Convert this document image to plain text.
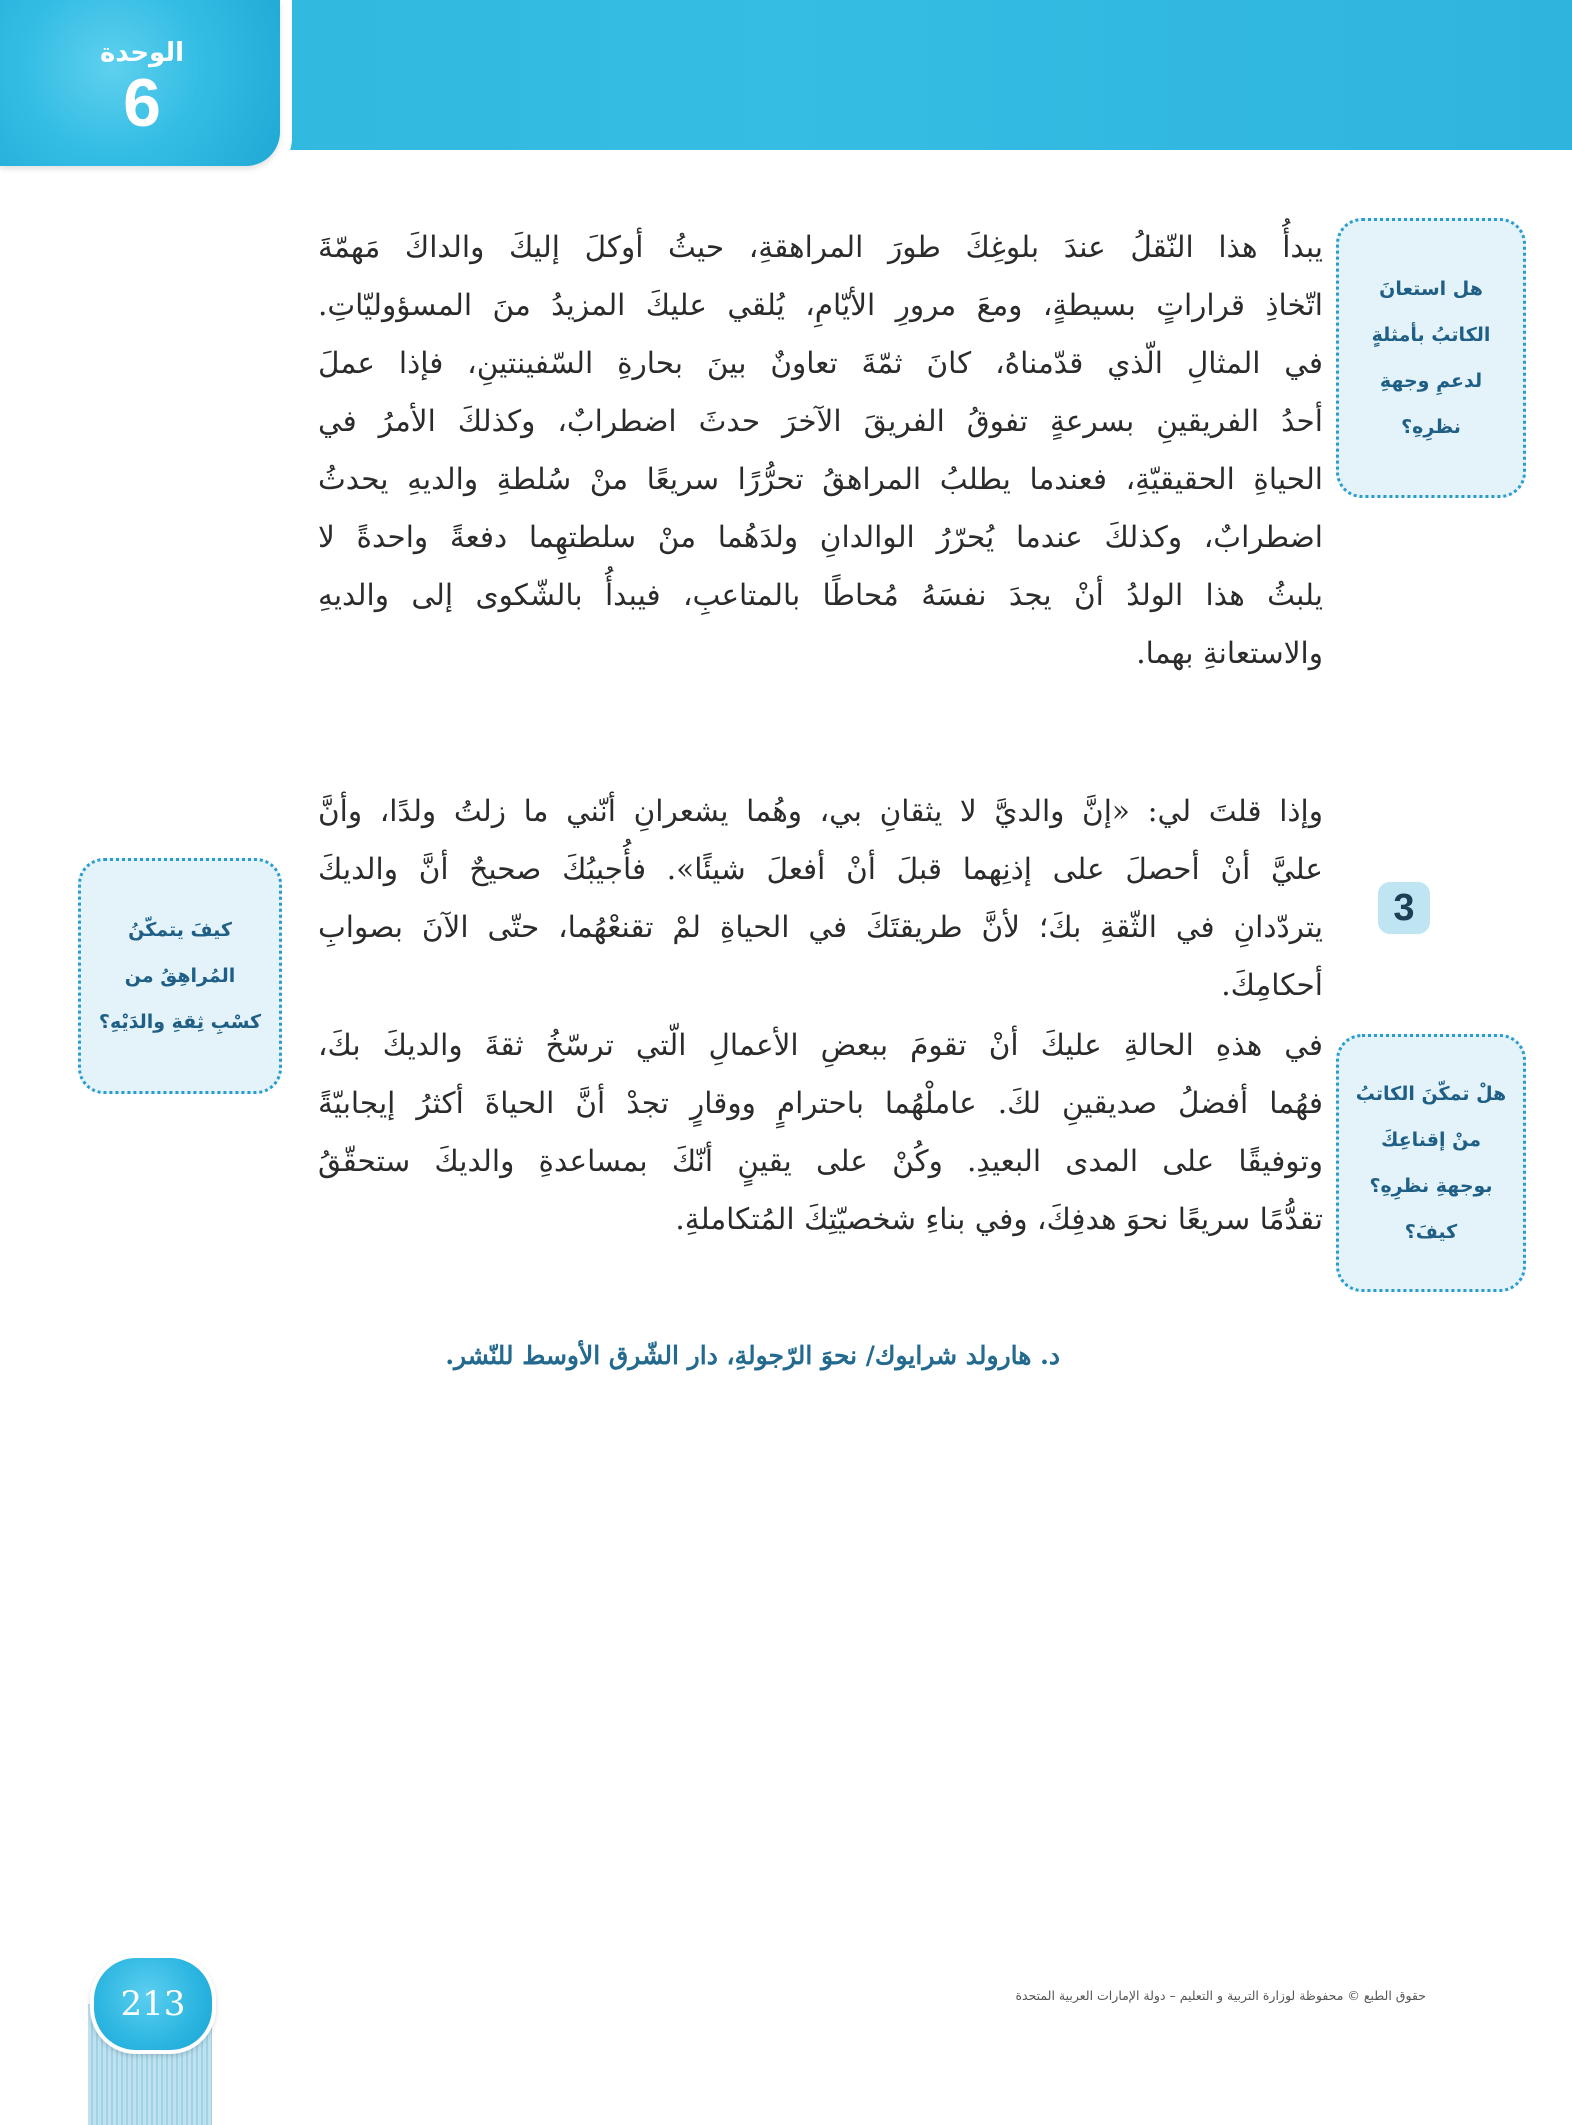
الوحدة
6
يبدأُ هذا النّقلُ عندَ بلوغِكَ طورَ المراهقةِ، حيثُ أوكلَ إليكَ والداكَ مَهمّةَ
اتّخاذِ قراراتٍ بسيطةٍ، ومعَ مرورِ الأيّامِ، يُلقي عليكَ المزيدُ منَ المسؤوليّاتِ.
في المثالِ الّذي قدّمناهُ، كانَ ثمّةَ تعاونٌ بينَ بحارةِ السّفينتينِ، فإذا عملَ
أحدُ الفريقينِ بسرعةٍ تفوقُ الفريقَ الآخرَ حدثَ اضطرابٌ، وكذلكَ الأمرُ في
الحياةِ الحقيقيّةِ، فعندما يطلبُ المراهقُ تحرُّرًا سريعًا منْ سُلطةِ والديهِ يحدثُ
اضطرابٌ، وكذلكَ عندما يُحرّرُ الوالدانِ ولدَهُما منْ سلطتهِما دفعةً واحدةً لا
يلبثُ هذا الولدُ أنْ يجدَ نفسَهُ مُحاطًا بالمتاعبِ، فيبدأُ بالشّكوى إلى والديهِ
والاستعانةِ بهما.
هل استعانَ
الكاتبُ بأمثلةٍ
لدعمِ وجهةِ
نظرِهِ؟
وإذا قلتَ لي: «إنَّ والديَّ لا يثقانِ بي، وهُما يشعرانِ أنّني ما زلتُ ولدًا، وأنَّ
عليَّ أنْ أحصلَ على إذنِهما قبلَ أنْ أفعلَ شيئًا». فأُجيبُكَ صحيحٌ أنَّ والديكَ
يتردّدانِ في الثّقةِ بكَ؛ لأنَّ طريقتَكَ في الحياةِ لمْ تقنعْهُما، حتّى الآنَ بصوابِ
أحكامِكَ.
3
كيفَ يتمكّنُ
المُراهِقُ من
كسْبِ ثِقةِ والدَيْهِ؟
في هذهِ الحالةِ عليكَ أنْ تقومَ ببعضِ الأعمالِ الّتي ترسّخُ ثقةَ والديكَ بكَ،
فهُما أفضلُ صديقينِ لكَ. عاملْهُما باحترامٍ ووقارٍ تجدْ أنَّ الحياةَ أكثرُ إيجابيّةً
وتوفيقًا على المدى البعيدِ. وكُنْ على يقينٍ أنّكَ بمساعدةِ والديكَ ستحقّقُ
تقدُّمًا سريعًا نحوَ هدفِكَ، وفي بناءِ شخصيّتِكَ المُتكاملةِ.
هلْ تمكّنَ الكاتبُ
منْ إقناعِكَ
بوجهةِ نظرِهِ؟
كيفَ؟
د. هارولد شرايوك/ نحوَ الرّجولةِ، دار الشّرق الأوسط للنّشر.
213	حقوق الطبع © محفوظة لوزارة التربية و التعليم – دولة الإمارات العربية المتحدة
